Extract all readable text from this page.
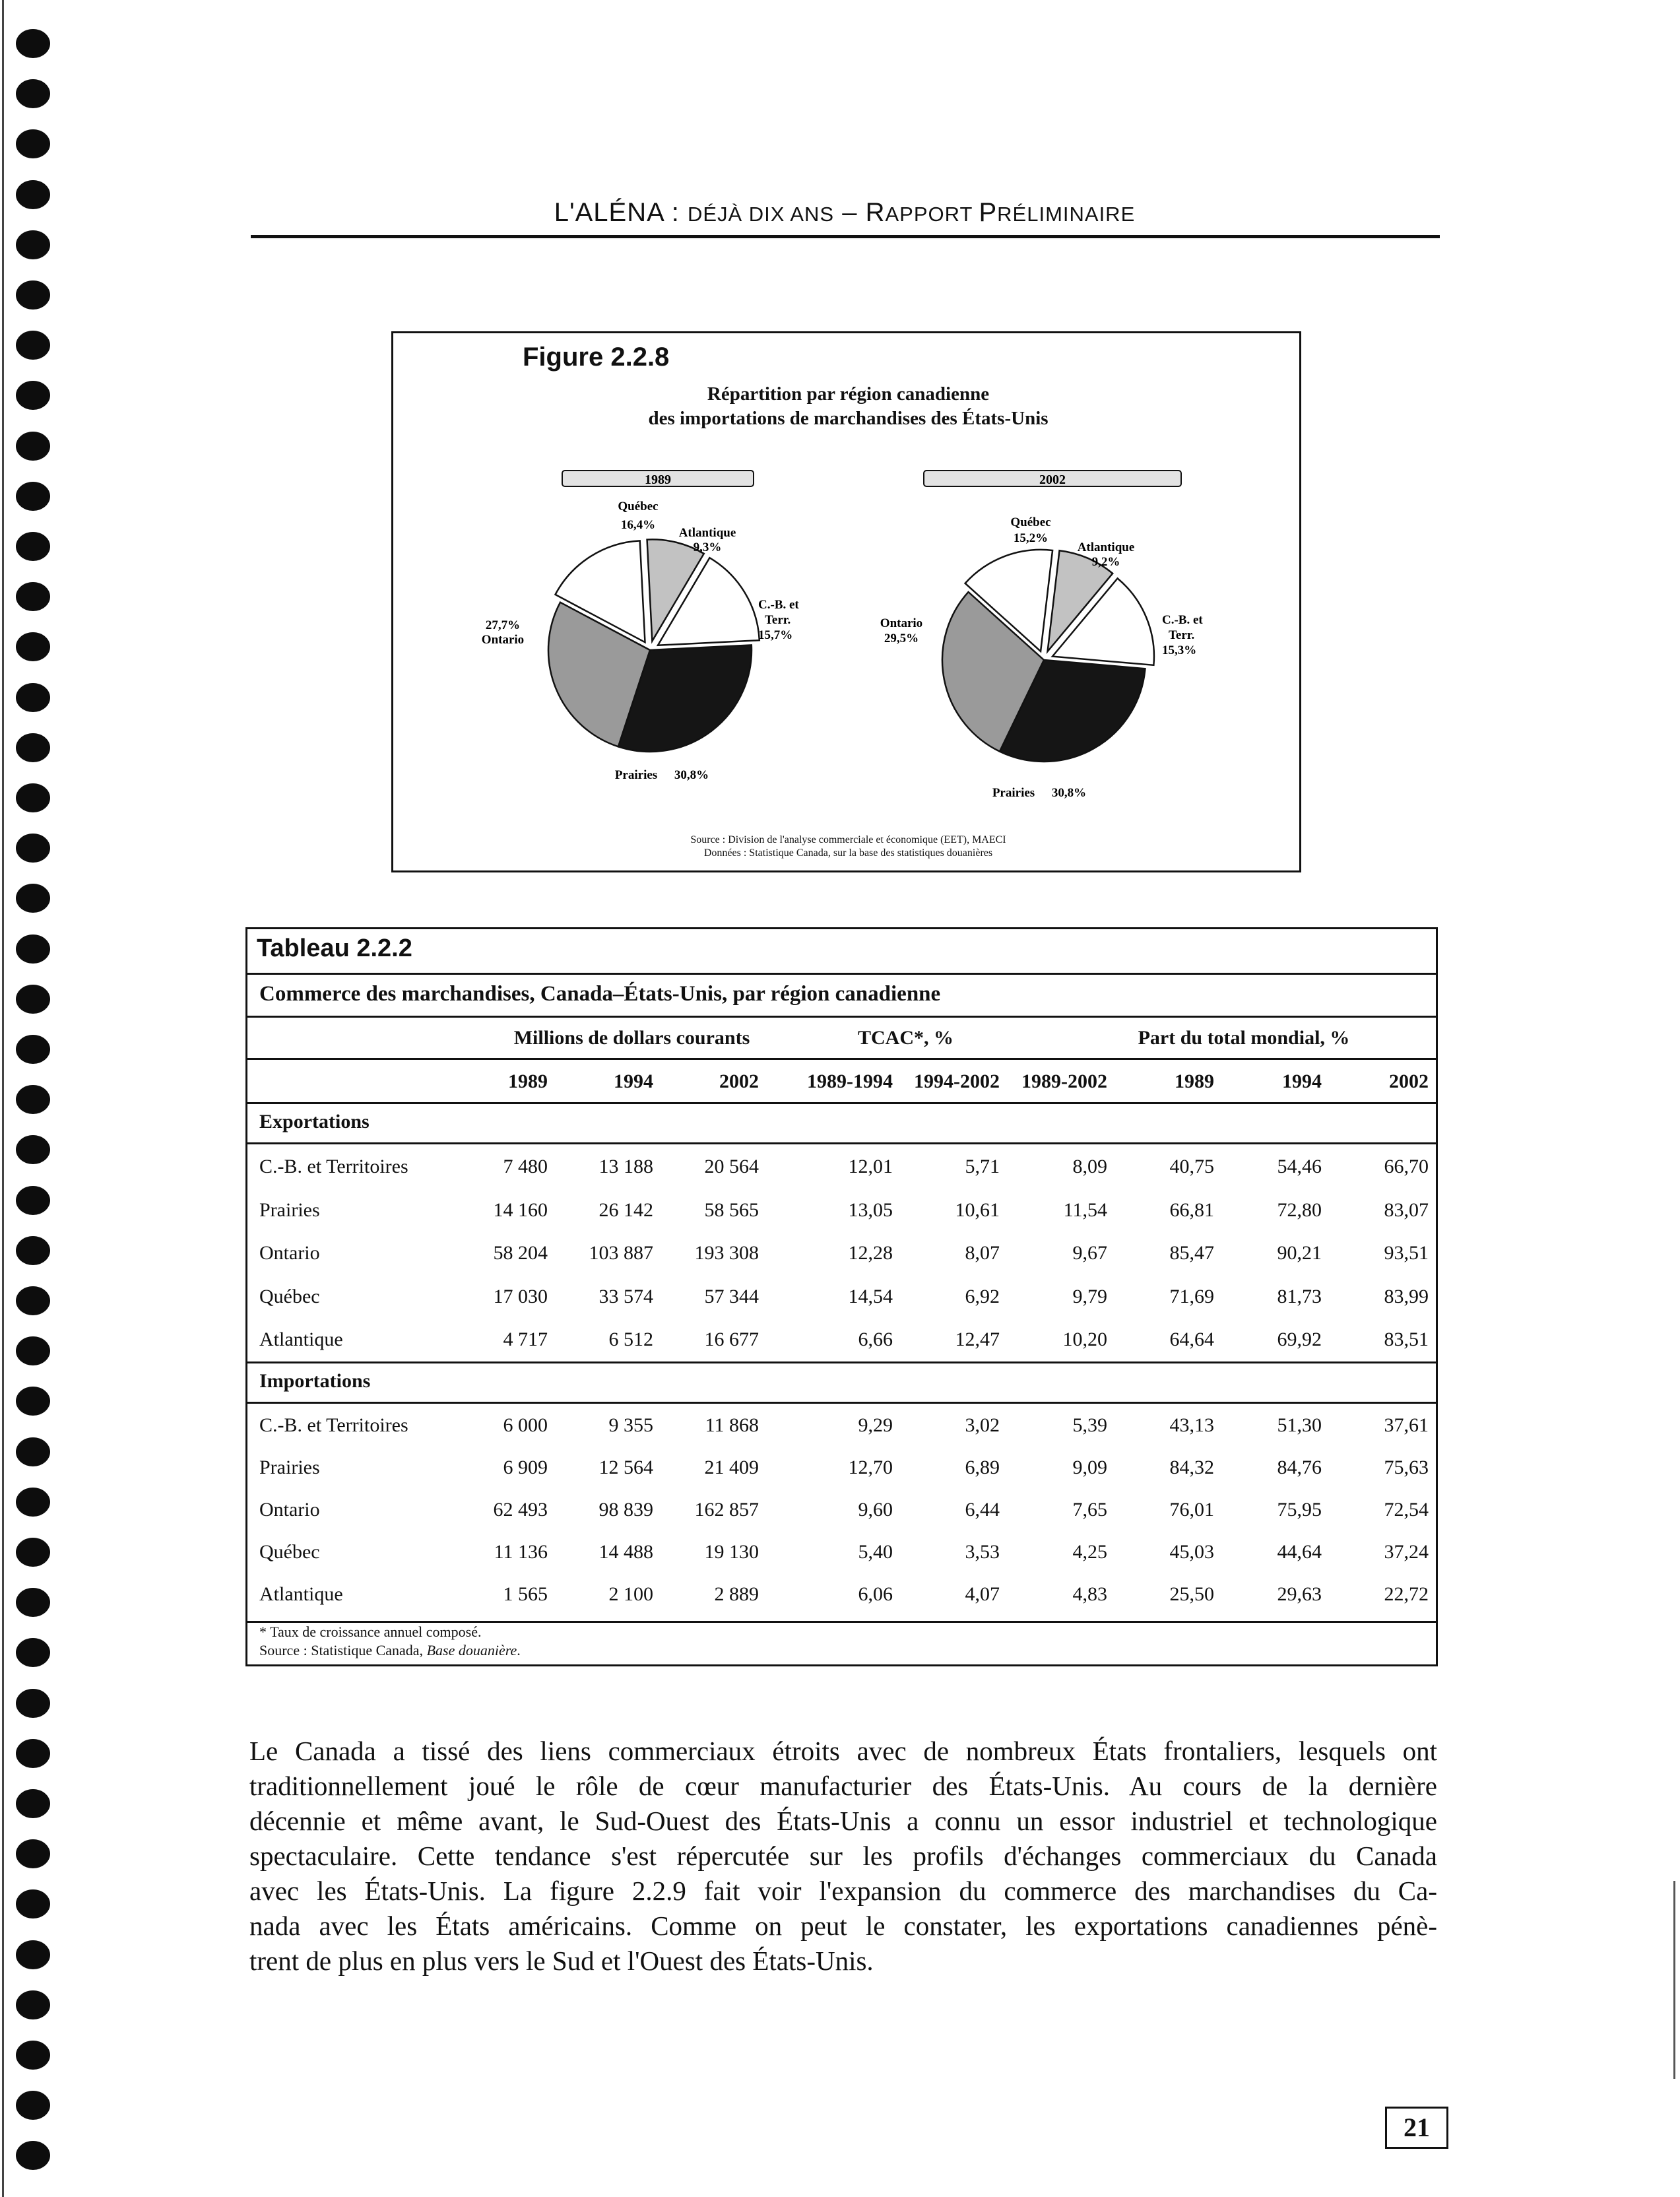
L'ALÉNA : DÉJÀ DIX ANS – RAPPORT PRÉLIMINAIRE
Figure 2.2.8
Répartition par région canadienne
des importations de marchandises des États-Unis
1989
Québec
16,4%
Atlantique
9,3%
C.-B. et
Terr.
15,7%
Prairies 30,8%
Ontario
27,7%
2002
Québec
15,2%
Atlantique
9,2%
C.-B. et
Terr.
15,3%
Prairies 30,8%
Ontario
29,5%
Source : Division de l'analyse commerciale et économique (EET), MAECI
Données : Statistique Canada, sur la base des statistiques douanières
Tableau 2.2.2
Commerce des marchandises, Canada–États-Unis, par région canadienne
Millions de dollars courants	TCAC*, %	Part du total mondial, %
1989	1994	2002	1989-1994	1994-2002	1989-2002	1989	1994	2002
Exportations
C.-B. et Territoires	7 480	13 188	20 564	12,01	5,71	8,09	40,75	54,46	66,70
Prairies	14 160	26 142	58 565	13,05	10,61	11,54	66,81	72,80	83,07
Ontario	58 204	103 887	193 308	12,28	8,07	9,67	85,47	90,21	93,51
Québec	17 030	33 574	57 344	14,54	6,92	9,79	71,69	81,73	83,99
Atlantique	4 717	6 512	16 677	6,66	12,47	10,20	64,64	69,92	83,51
Importations
C.-B. et Territoires	6 000	9 355	11 868	9,29	3,02	5,39	43,13	51,30	37,61
Prairies	6 909	12 564	21 409	12,70	6,89	9,09	84,32	84,76	75,63
Ontario	62 493	98 839	162 857	9,60	6,44	7,65	76,01	75,95	72,54
Québec	11 136	14 488	19 130	5,40	3,53	4,25	45,03	44,64	37,24
Atlantique	1 565	2 100	2 889	6,06	4,07	4,83	25,50	29,63	22,72
* Taux de croissance annuel composé.
Source : Statistique Canada, Base douanière.

Le Canada a tissé des liens commerciaux étroits avec de nombreux États frontaliers, lesquels ont
traditionnellement joué le rôle de cœur manufacturier des États-Unis. Au cours de la dernière
décennie et même avant, le Sud-Ouest des États-Unis a connu un essor industriel et technologique
spectaculaire. Cette tendance s'est répercutée sur les profils d'échanges commerciaux du Canada
avec les États-Unis. La figure 2.2.9 fait voir l'expansion du commerce des marchandises du Ca-
nada avec les États américains. Comme on peut le constater, les exportations canadiennes pénè-
trent de plus en plus vers le Sud et l'Ouest des États-Unis.

21
